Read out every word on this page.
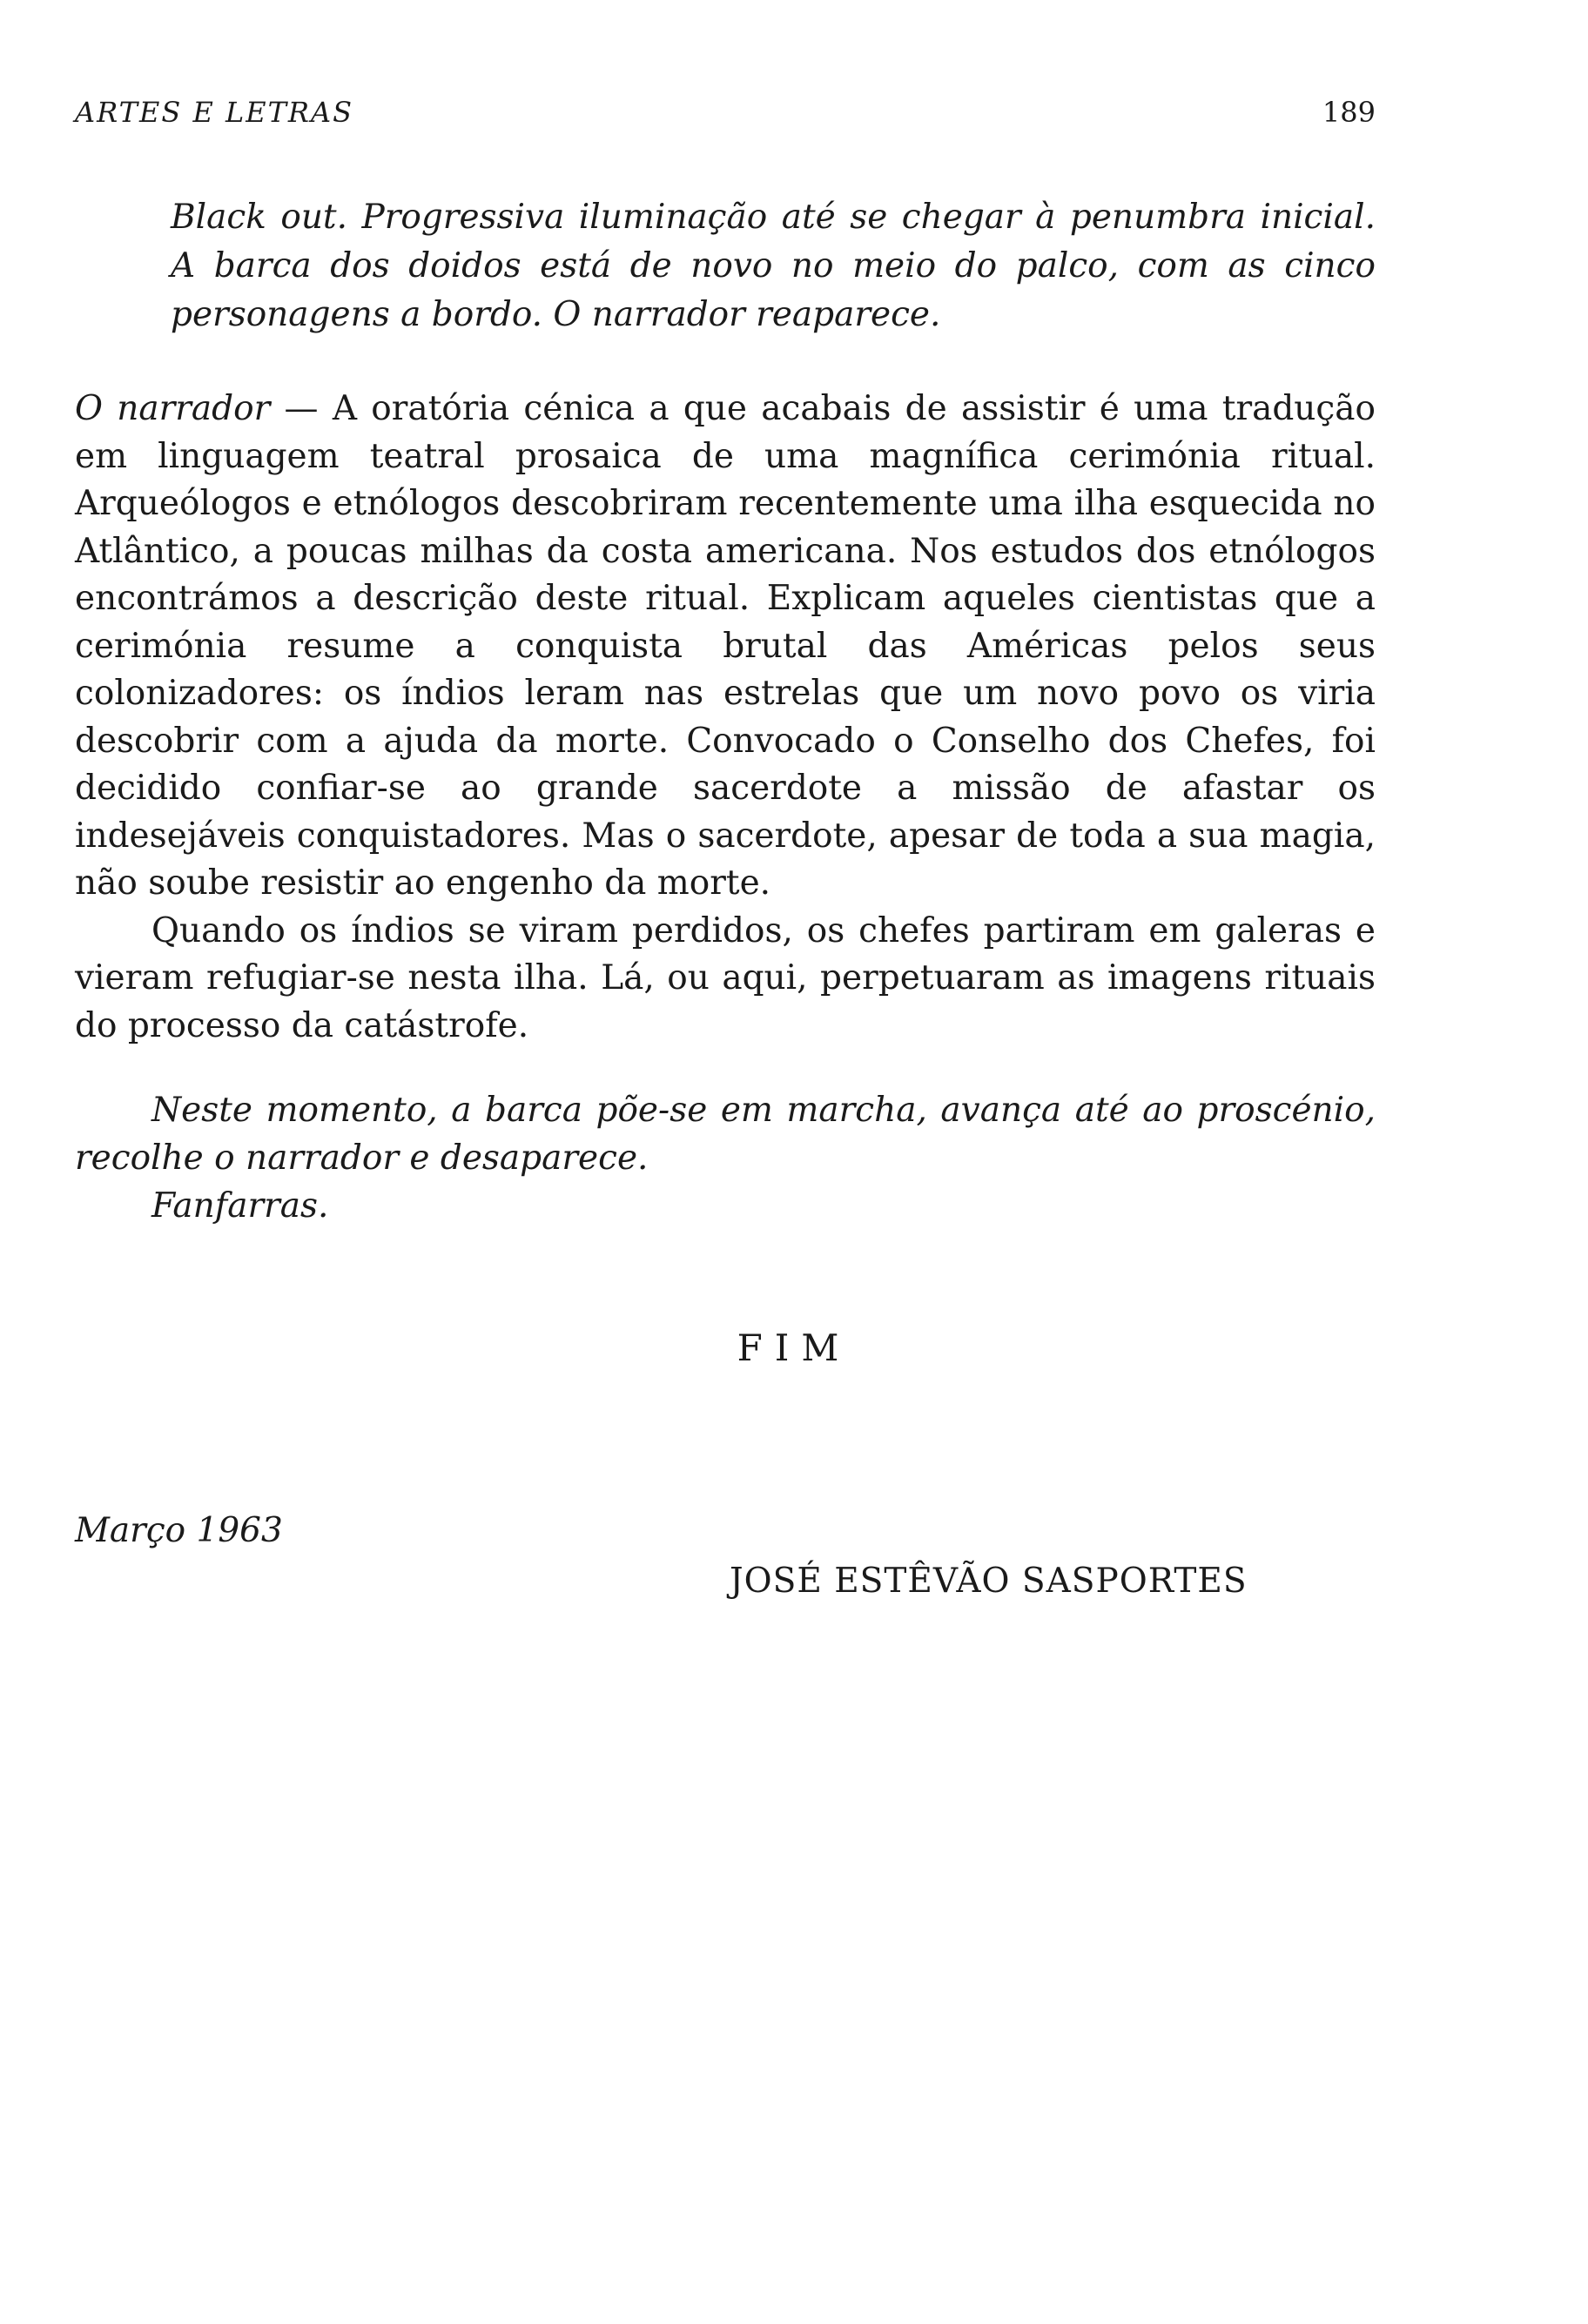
ARTES E LETRAS	189
Black out. Progressiva iluminação até se chegar à penumbra inicial. A barca dos doidos está de novo no meio do palco, com as cinco personagens a bordo. O narrador reaparece.

O narrador — A oratória cénica a que acabais de assistir é uma tradução em linguagem teatral prosaica de uma magnífica cerimónia ritual. Arqueólogos e etnólogos descobriram recentemente uma ilha esquecida no Atlântico, a poucas milhas da costa americana. Nos estudos dos etnólogos encontrámos a descrição deste ritual. Explicam aqueles cientistas que a cerimónia resume a conquista brutal das Américas pelos seus colonizadores: os índios leram nas estrelas que um novo povo os viria descobrir com a ajuda da morte. Convocado o Conselho dos Chefes, foi decidido confiar-se ao grande sacerdote a missão de afastar os indesejáveis conquistadores. Mas o sacerdote, apesar de toda a sua magia, não soube resistir ao engenho da morte.

Quando os índios se viram perdidos, os chefes partiram em galeras e vieram refugiar-se nesta ilha. Lá, ou aqui, perpetuaram as imagens rituais do processo da catástrofe.

Neste momento, a barca põe-se em marcha, avança até ao proscénio, recolhe o narrador e desaparece.

Fanfarras.

FIM
Março 1963
JOSÉ ESTÊVÃO SASPORTES
